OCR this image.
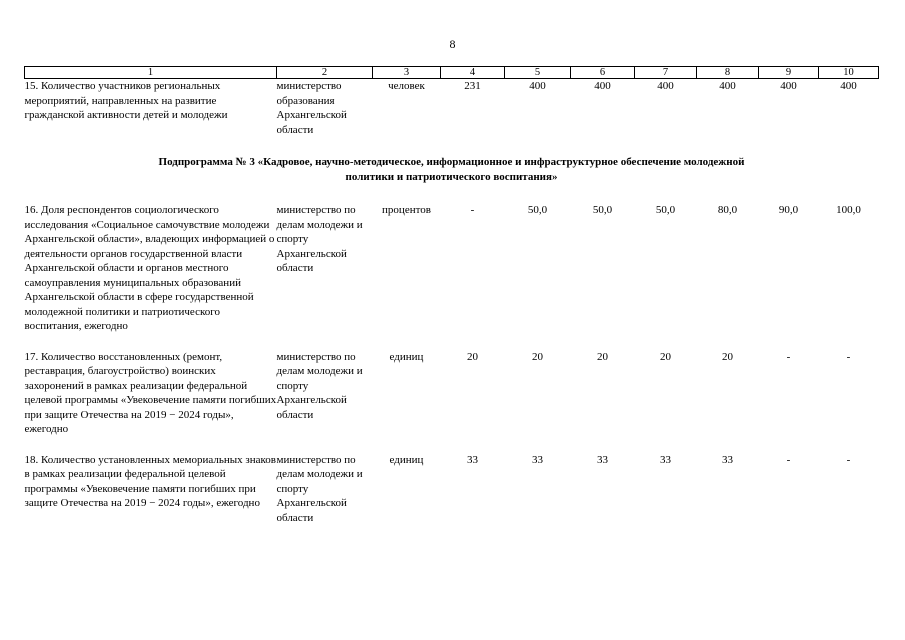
8
1	2	3	4	5	6	7	8	9	10
15. Количество участников региональных мероприятий, направленных на развитие гражданской активности детей и молодежи	министерство образования Архангельской области	человек	231	400	400	400	400	400	400

Подпрограмма № 3 «Кадровое, научно-методическое, информационное и инфраструктурное обеспечение молодежной политики и патриотического воспитания»									

16. Доля респондентов социологического исследования «Социальное самочувствие молодежи Архангельской области», владеющих информацией о деятельности органов государственной власти Архангельской области и органов местного самоуправления муниципальных образований Архангельской области в сфере государственной молодежной политики и патриотического воспитания, ежегодно	министерство по делам молодежи и спорту Архангельской области	процентов	-	50,0	50,0	50,0	80,0	90,0	100,0

17. Количество восстановленных (ремонт, реставрация, благоустройство) воинских захоронений в рамках реализации федеральной целевой программы «Увековечение памяти погибших при защите Отечества на 2019 − 2024 годы», ежегодно	министерство по делам молодежи и спорту Архангельской области	единиц	20	20	20	20	20	-	-

18. Количество установленных мемориальных знаков в рамках реализации федеральной целевой программы «Увековечение памяти погибших при защите Отечества на 2019 − 2024 годы», ежегодно	министерство по делам молодежи и спорту Архангельской области	единиц	33	33	33	33	33	-	-
